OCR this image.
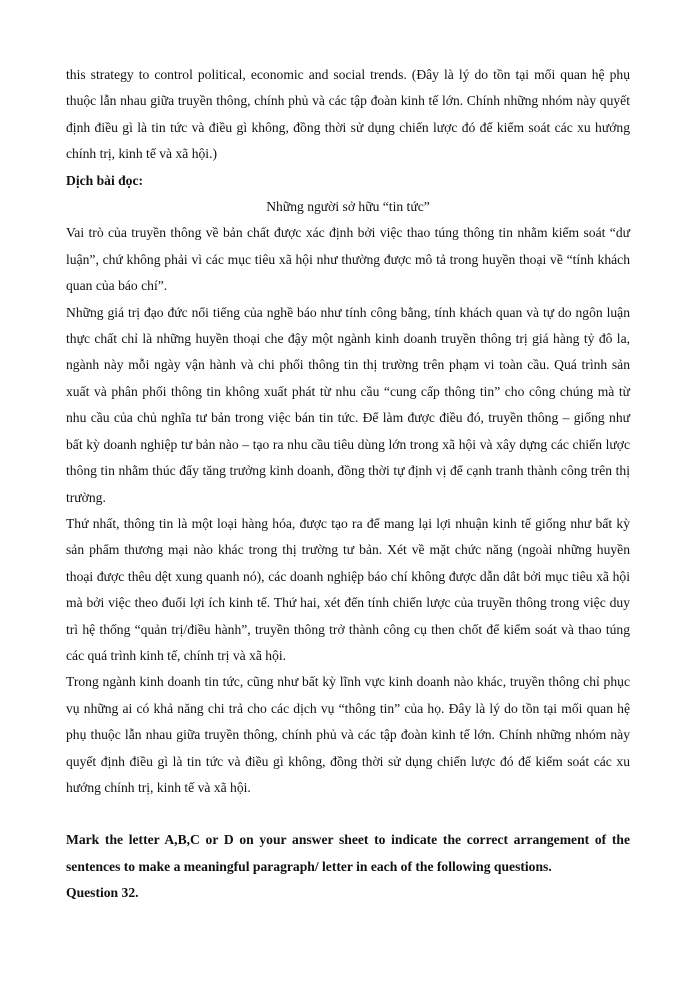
this strategy to control political, economic and social trends. (Đây là lý do tồn tại mối quan hệ phụ thuộc lẫn nhau giữa truyền thông, chính phủ và các tập đoàn kinh tế lớn. Chính những nhóm này quyết định điều gì là tin tức và điều gì không, đồng thời sử dụng chiến lược đó để kiểm soát các xu hướng chính trị, kinh tế và xã hội.)

Dịch bài đọc:

Những người sở hữu “tin tức”

Vai trò của truyền thông về bản chất được xác định bởi việc thao túng thông tin nhằm kiểm soát “dư luận”, chứ không phải vì các mục tiêu xã hội như thường được mô tả trong huyền thoại về “tính khách quan của báo chí”.

Những giá trị đạo đức nổi tiếng của nghề báo như tính công bằng, tính khách quan và tự do ngôn luận thực chất chỉ là những huyền thoại che đậy một ngành kinh doanh truyền thông trị giá hàng tỷ đô la, ngành này mỗi ngày vận hành và chi phối thông tin thị trường trên phạm vi toàn cầu. Quá trình sản xuất và phân phối thông tin không xuất phát từ nhu cầu “cung cấp thông tin” cho công chúng mà từ nhu cầu của chủ nghĩa tư bản trong việc bán tin tức. Để làm được điều đó, truyền thông – giống như bất kỳ doanh nghiệp tư bản nào – tạo ra nhu cầu tiêu dùng lớn trong xã hội và xây dựng các chiến lược thông tin nhằm thúc đẩy tăng trưởng kinh doanh, đồng thời tự định vị để cạnh tranh thành công trên thị trường.

Thứ nhất, thông tin là một loại hàng hóa, được tạo ra để mang lại lợi nhuận kinh tế giống như bất kỳ sản phẩm thương mại nào khác trong thị trường tư bản. Xét về mặt chức năng (ngoài những huyền thoại được thêu dệt xung quanh nó), các doanh nghiệp báo chí không được dẫn dắt bởi mục tiêu xã hội mà bởi việc theo đuổi lợi ích kinh tế. Thứ hai, xét đến tính chiến lược của truyền thông trong việc duy trì hệ thống “quản trị/điều hành”, truyền thông trở thành công cụ then chốt để kiểm soát và thao túng các quá trình kinh tế, chính trị và xã hội.

Trong ngành kinh doanh tin tức, cũng như bất kỳ lĩnh vực kinh doanh nào khác, truyền thông chỉ phục vụ những ai có khả năng chi trả cho các dịch vụ “thông tin” của họ. Đây là lý do tồn tại mối quan hệ phụ thuộc lẫn nhau giữa truyền thông, chính phủ và các tập đoàn kinh tế lớn. Chính những nhóm này quyết định điều gì là tin tức và điều gì không, đồng thời sử dụng chiến lược đó để kiểm soát các xu hướng chính trị, kinh tế và xã hội.

Mark the letter A,B,C or D on your answer sheet to indicate the correct arrangement of the sentences to make a meaningful paragraph/ letter in each of the following questions.

Question 32.
